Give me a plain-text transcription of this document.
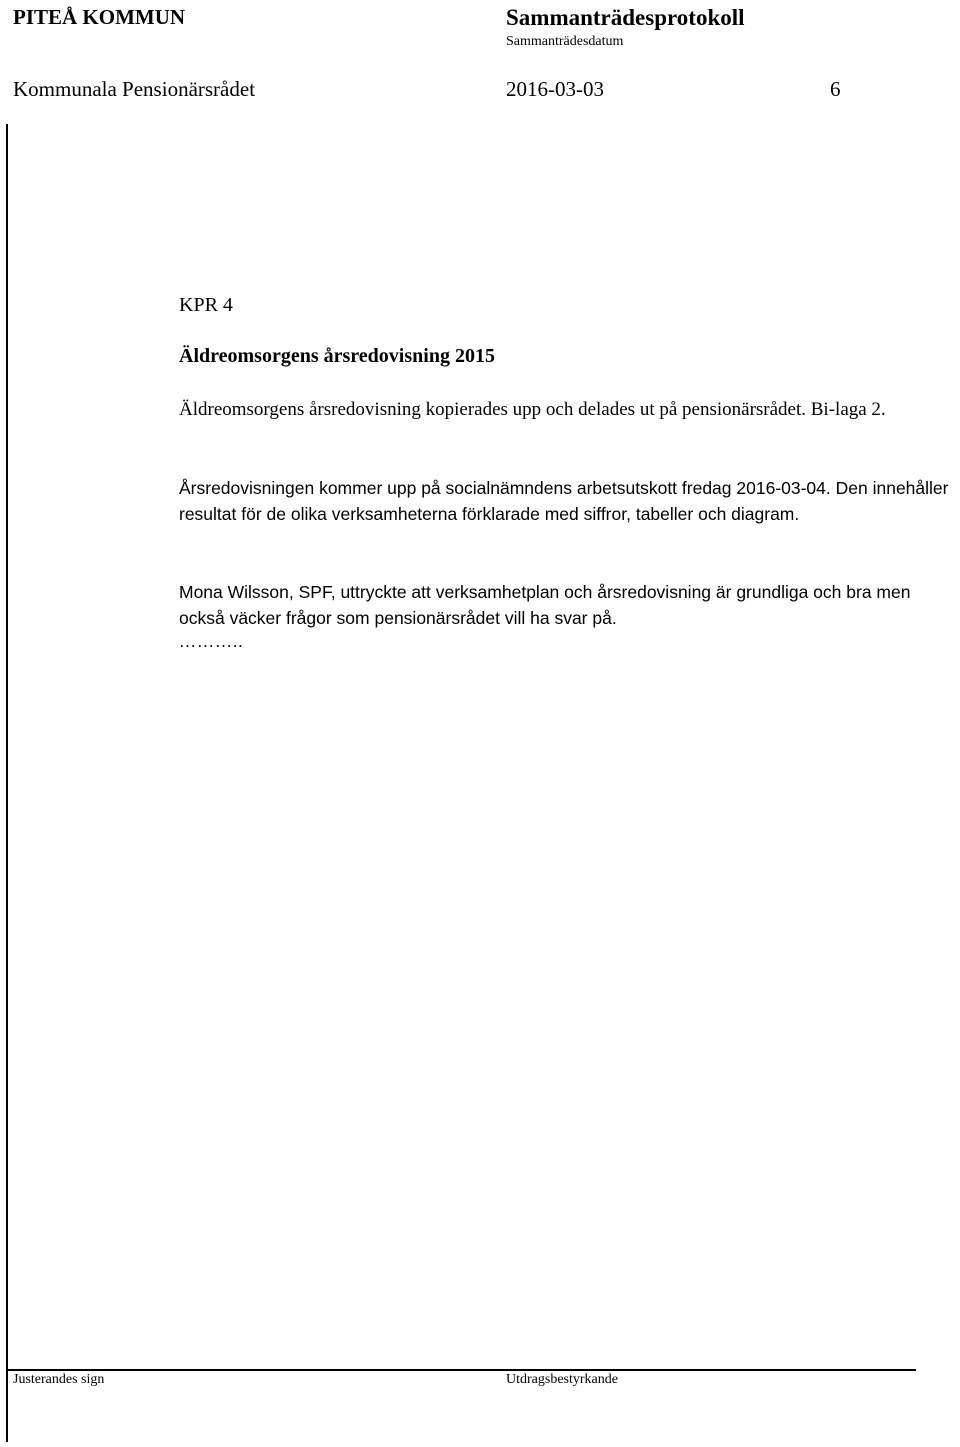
PITEÅ KOMMUN	Sammanträdesprotokoll
Sammanträdesdatum
Kommunala Pensionärsrådet	2016-03-03	6
KPR 4
Äldreomsorgens årsredovisning 2015
Äldreomsorgens årsredovisning kopierades upp och delades ut på pensionärsrådet. Bi-laga 2.
Årsredovisningen kommer upp på socialnämndens arbetsutskott fredag 2016-03-04. Den innehåller resultat för de olika verksamheterna förklarade med siffror, tabeller och diagram.
Mona Wilsson, SPF, uttryckte att verksamhetplan och årsredovisning är grundliga och bra men också väcker frågor som pensionärsrådet vill ha svar på.
………..
Justerandes sign	Utdragsbestyrkande
